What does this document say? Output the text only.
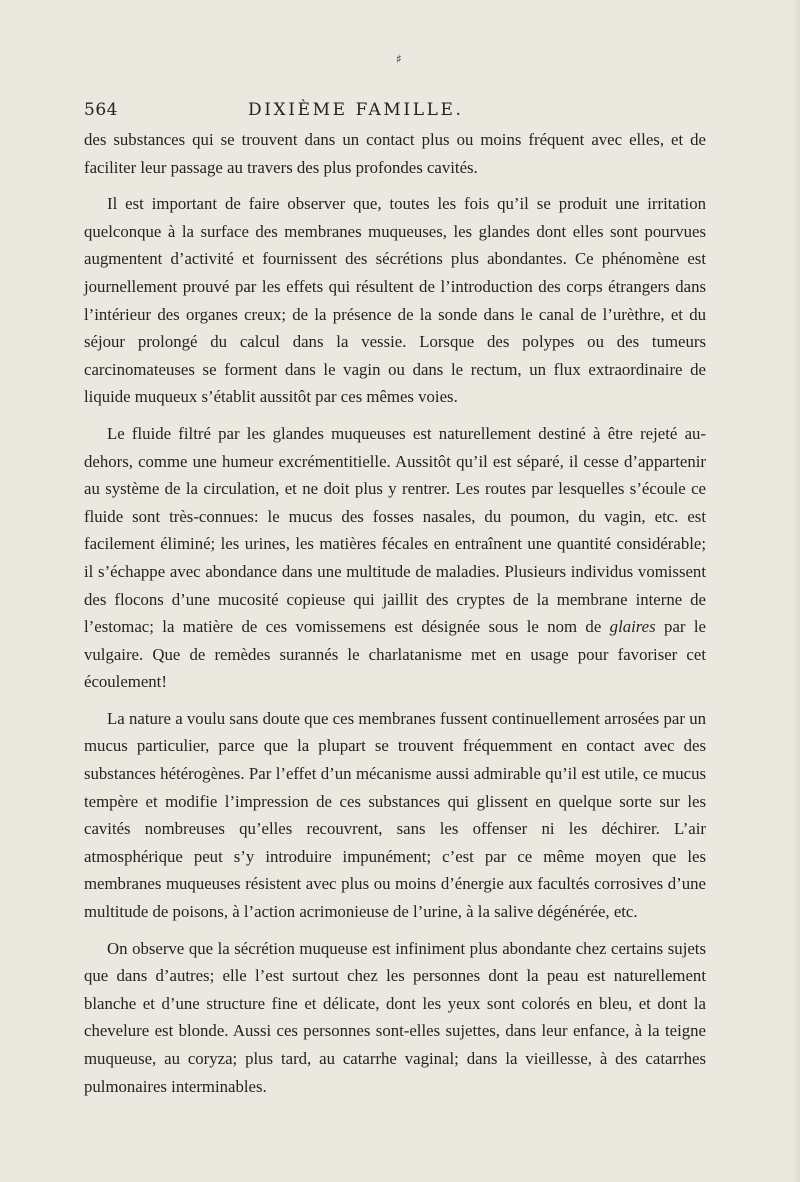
♯
564	DIXIÈME FAMILLE.

des substances qui se trouvent dans un contact plus ou moins fréquent avec elles, et de faciliter leur passage au travers des plus profondes cavités.

Il est important de faire observer que, toutes les fois qu’il se produit une irritation quelconque à la surface des membranes muqueuses, les glandes dont elles sont pourvues augmentent d’activité et fournissent des sécrétions plus abondantes. Ce phénomène est journellement prouvé par les effets qui résultent de l’introduction des corps étrangers dans l’intérieur des organes creux; de la présence de la sonde dans le canal de l’urèthre, et du séjour prolongé du calcul dans la vessie. Lorsque des polypes ou des tumeurs carcinomateuses se forment dans le vagin ou dans le rectum, un flux extraordinaire de liquide muqueux s’établit aussitôt par ces mêmes voies.

Le fluide filtré par les glandes muqueuses est naturellement destiné à être rejeté au-dehors, comme une humeur excrémentitielle. Aussitôt qu’il est séparé, il cesse d’appartenir au système de la circulation, et ne doit plus y rentrer. Les routes par lesquelles s’écoule ce fluide sont très-connues: le mucus des fosses nasales, du poumon, du vagin, etc. est facilement éliminé; les urines, les matières fécales en entraînent une quantité considérable; il s’échappe avec abondance dans une multitude de maladies. Plusieurs individus vomissent des flocons d’une mucosité copieuse qui jaillit des cryptes de la membrane interne de l’estomac; la matière de ces vomissemens est désignée sous le nom de glaires par le vulgaire. Que de remèdes surannés le charlatanisme met en usage pour favoriser cet écoulement!

La nature a voulu sans doute que ces membranes fussent continuellement arrosées par un mucus particulier, parce que la plupart se trouvent fréquemment en contact avec des substances hétérogènes. Par l’effet d’un mécanisme aussi admirable qu’il est utile, ce mucus tempère et modifie l’impression de ces substances qui glissent en quelque sorte sur les cavités nombreuses qu’elles recouvrent, sans les offenser ni les déchirer. L’air atmosphérique peut s’y introduire impunément; c’est par ce même moyen que les membranes muqueuses résistent avec plus ou moins d’énergie aux facultés corrosives d’une multitude de poisons, à l’action acrimonieuse de l’urine, à la salive dégénérée, etc.

On observe que la sécrétion muqueuse est infiniment plus abondante chez certains sujets que dans d’autres; elle l’est surtout chez les personnes dont la peau est naturellement blanche et d’une structure fine et délicate, dont les yeux sont colorés en bleu, et dont la chevelure est blonde. Aussi ces personnes sont-elles sujettes, dans leur enfance, à la teigne muqueuse, au coryza; plus tard, au catarrhe vaginal; dans la vieillesse, à des catarrhes pulmonaires interminables.
